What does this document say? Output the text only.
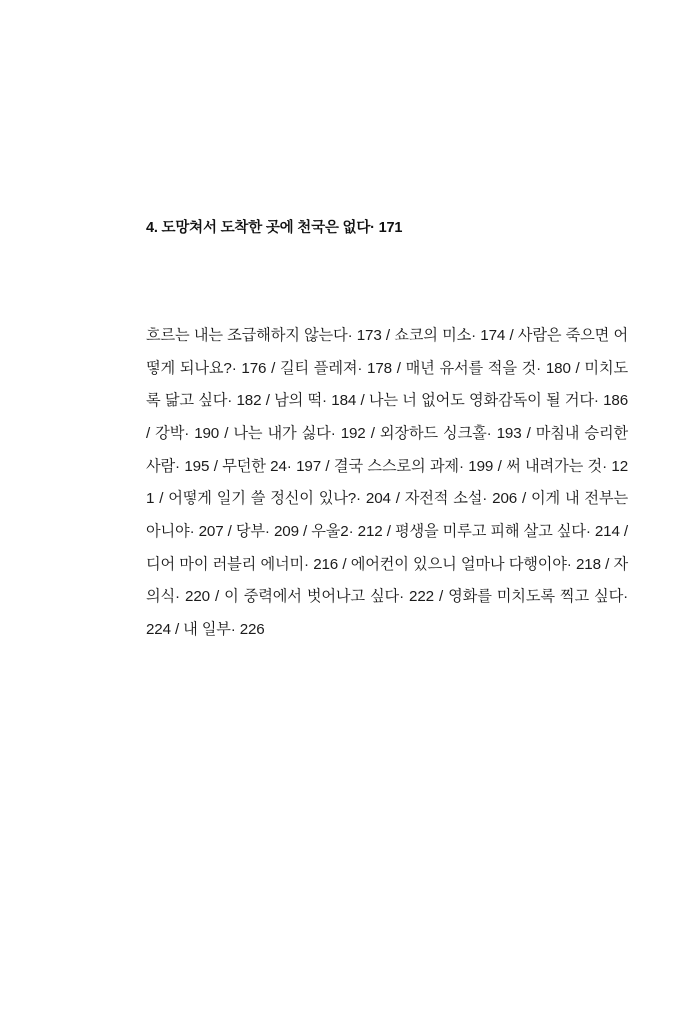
4. 도망쳐서 도착한 곳에 천국은 없다· 171
흐르는 내는 조급해하지 않는다· 173 / 쇼코의 미소· 174 / 사람은 죽으면 어떻게 되나요?· 176 / 길티 플레져· 178 / 매년 유서를 적을 것· 180 / 미치도록 닮고 싶다· 182 / 남의 떡· 184 / 나는 너 없어도 영화감독이 될 거다· 186 / 강박· 190 / 나는 내가 싫다· 192 / 외장하드 싱크홀· 193 / 마침내 승리한 사람· 195 / 무던한 24· 197 / 결국 스스로의 과제· 199 / 써 내려가는 것· 121 / 어떻게 일기 쓸 정신이 있나?· 204 / 자전적 소설· 206 / 이게 내 전부는 아니야· 207 / 당부· 209 / 우울2· 212 / 평생을 미루고 피해 살고 싶다· 214 / 디어 마이 러블리 에너미· 216 / 에어컨이 있으니 얼마나 다행이야· 218 / 자의식· 220 / 이 중력에서 벗어나고 싶다· 222 / 영화를 미치도록 찍고 싶다· 224 / 내 일부· 226
